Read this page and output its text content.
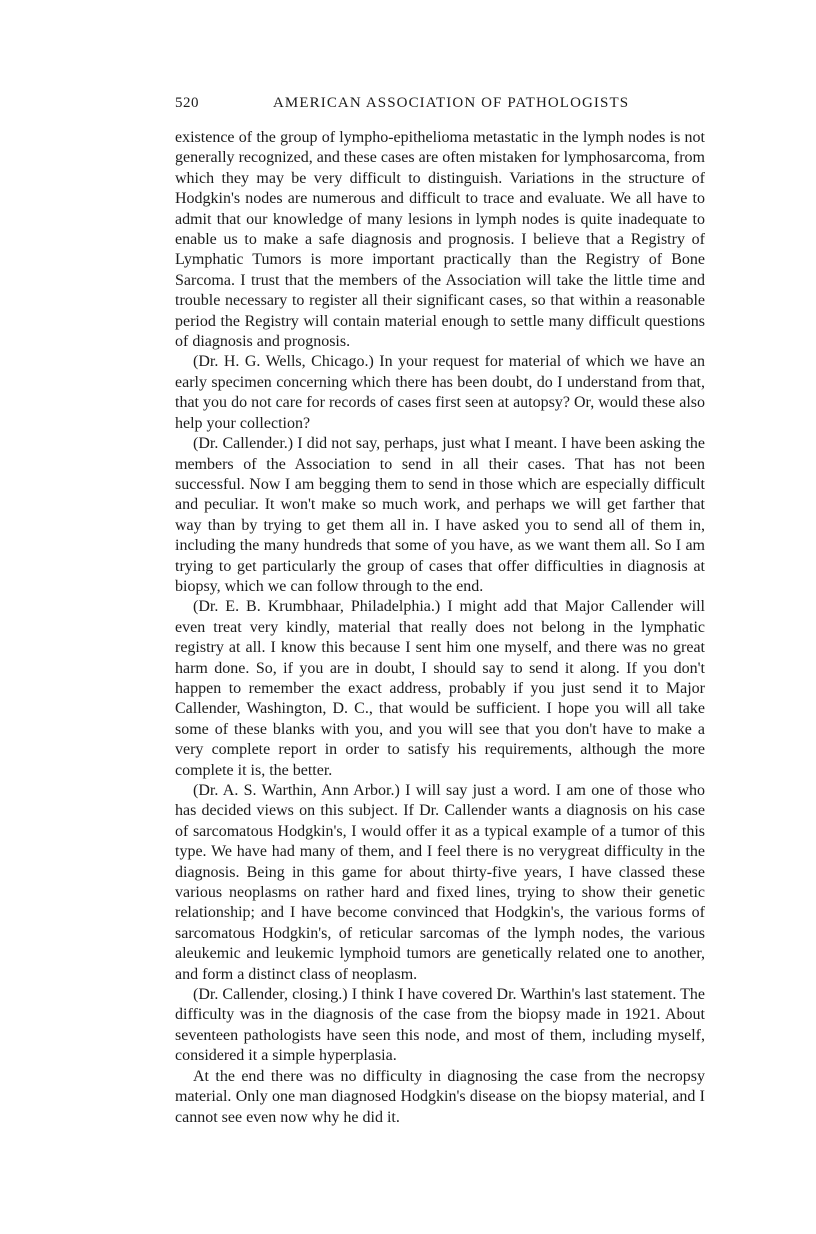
520	AMERICAN ASSOCIATION OF PATHOLOGISTS

existence of the group of lympho-epithelioma metastatic in the lymph nodes is not generally recognized, and these cases are often mistaken for lymphosarcoma, from which they may be very difficult to distinguish. Variations in the structure of Hodgkin's nodes are numerous and difficult to trace and evaluate. We all have to admit that our knowledge of many lesions in lymph nodes is quite inadequate to enable us to make a safe diagnosis and prognosis. I believe that a Registry of Lymphatic Tumors is more important practically than the Registry of Bone Sarcoma. I trust that the members of the Association will take the little time and trouble necessary to register all their significant cases, so that within a reasonable period the Registry will contain material enough to settle many difficult questions of diagnosis and prognosis.

(Dr. H. G. Wells, Chicago.) In your request for material of which we have an early specimen concerning which there has been doubt, do I understand from that, that you do not care for records of cases first seen at autopsy? Or, would these also help your collection?

(Dr. Callender.) I did not say, perhaps, just what I meant. I have been asking the members of the Association to send in all their cases. That has not been successful. Now I am begging them to send in those which are especially difficult and peculiar. It won't make so much work, and perhaps we will get farther that way than by trying to get them all in. I have asked you to send all of them in, including the many hundreds that some of you have, as we want them all. So I am trying to get particularly the group of cases that offer difficulties in diagnosis at biopsy, which we can follow through to the end.

(Dr. E. B. Krumbhaar, Philadelphia.) I might add that Major Callender will even treat very kindly, material that really does not belong in the lymphatic registry at all. I know this because I sent him one myself, and there was no great harm done. So, if you are in doubt, I should say to send it along. If you don't happen to remember the exact address, probably if you just send it to Major Callender, Washington, D. C., that would be sufficient. I hope you will all take some of these blanks with you, and you will see that you don't have to make a very complete report in order to satisfy his requirements, although the more complete it is, the better.

(Dr. A. S. Warthin, Ann Arbor.) I will say just a word. I am one of those who has decided views on this subject. If Dr. Callender wants a diagnosis on his case of sarcomatous Hodgkin's, I would offer it as a typical example of a tumor of this type. We have had many of them, and I feel there is no verygreat difficulty in the diagnosis. Being in this game for about thirty-five years, I have classed these various neoplasms on rather hard and fixed lines, trying to show their genetic relationship; and I have become convinced that Hodgkin's, the various forms of sarcomatous Hodgkin's, of reticular sarcomas of the lymph nodes, the various aleukemic and leukemic lymphoid tumors are genetically related one to another, and form a distinct class of neoplasm.

(Dr. Callender, closing.) I think I have covered Dr. Warthin's last statement. The difficulty was in the diagnosis of the case from the biopsy made in 1921. About seventeen pathologists have seen this node, and most of them, including myself, considered it a simple hyperplasia.

At the end there was no difficulty in diagnosing the case from the necropsy material. Only one man diagnosed Hodgkin's disease on the biopsy material, and I cannot see even now why he did it.
